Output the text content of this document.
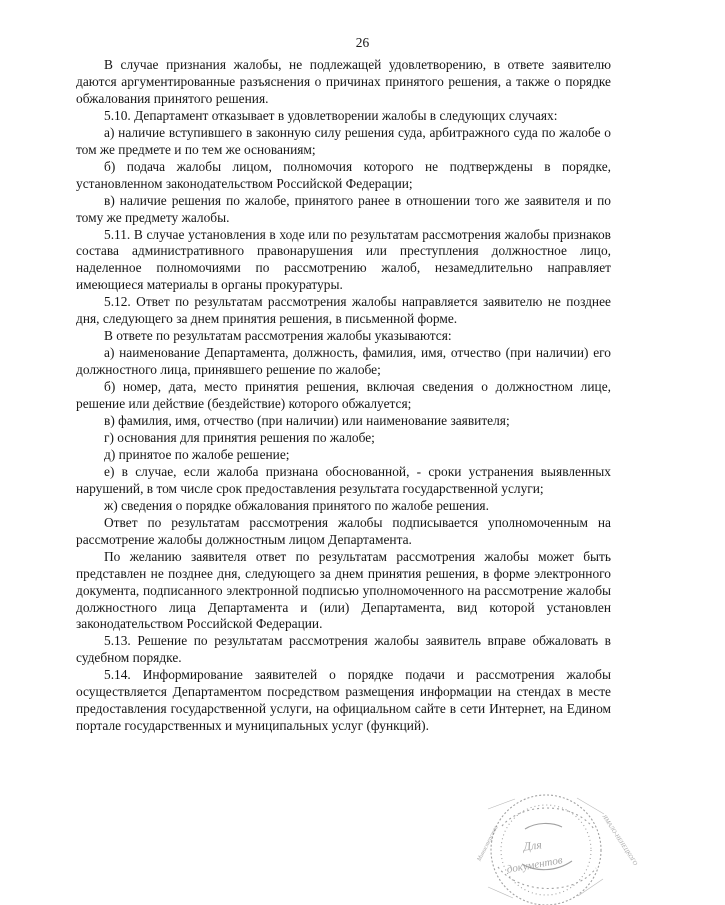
26

В случае признания жалобы, не подлежащей удовлетворению, в ответе заявителю даются аргументированные разъяснения о причинах принятого решения, а также о порядке обжалования принятого решения.

5.10. Департамент отказывает в удовлетворении жалобы в следующих случаях:

а) наличие вступившего в законную силу решения суда, арбитражного суда по жалобе о том же предмете и по тем же основаниям;

б) подача жалобы лицом, полномочия которого не подтверждены в порядке, установленном законодательством Российской Федерации;

в) наличие решения по жалобе, принятого ранее в отношении того же заявителя и по тому же предмету жалобы.

5.11. В случае установления в ходе или по результатам рассмотрения жалобы признаков состава административного правонарушения или преступления должностное лицо, наделенное полномочиями по рассмотрению жалоб, незамедлительно направляет имеющиеся материалы в органы прокуратуры.

5.12. Ответ по результатам рассмотрения жалобы направляется заявителю не позднее дня, следующего за днем принятия решения, в письменной форме.

В ответе по результатам рассмотрения жалобы указываются:

а) наименование Департамента, должность, фамилия, имя, отчество (при наличии) его должностного лица, принявшего решение по жалобе;

б) номер, дата, место принятия решения, включая сведения о должностном лице, решение или действие (бездействие) которого обжалуется;

в) фамилия, имя, отчество (при наличии) или наименование заявителя;

г) основания для принятия решения по жалобе;

д) принятое по жалобе решение;

е) в случае, если жалоба признана обоснованной, - сроки устранения выявленных нарушений, в том числе срок предоставления результата государственной услуги;

ж) сведения о порядке обжалования принятого по жалобе решения.

Ответ по результатам рассмотрения жалобы подписывается уполномоченным на рассмотрение жалобы должностным лицом Департамента.

По желанию заявителя ответ по результатам рассмотрения жалобы может быть представлен не позднее дня, следующего за днем принятия решения, в форме электронного документа, подписанного электронной подписью уполномоченного на рассмотрение жалобы должностного лица Департамента и (или) Департамента, вид которой установлен законодательством Российской Федерации.

5.13. Решение по результатам рассмотрения жалобы заявитель вправе обжаловать в судебном порядке.

5.14. Информирование заявителей о порядке подачи и рассмотрения жалобы осуществляется Департаментом посредством размещения информации на стендах в месте предоставления государственной услуги, на официальном сайте в сети Интернет, на Едином портале государственных и муниципальных услуг (функций).

Для
документов
Министерство	ЯМАЛО-НЕНЕЦКОГО
